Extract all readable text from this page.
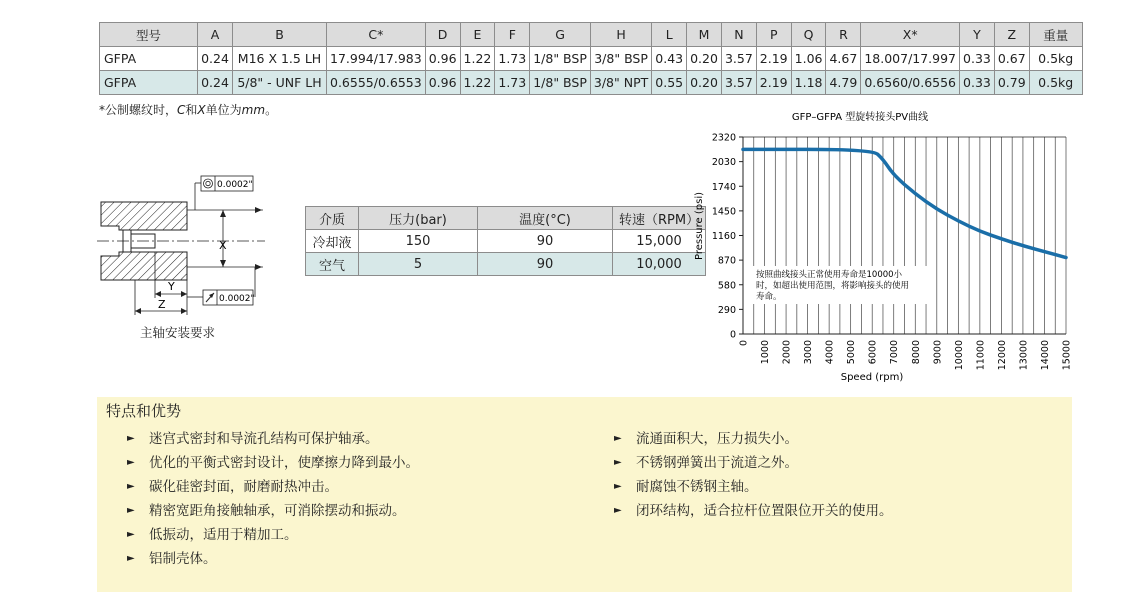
型号	A	B	C*	D	E	F	G	H	L	M	N	P	Q	R	X*	Y	Z	重量
GFPA	0.24	M16 X 1.5 LH	17.994/17.983	0.96	1.22	1.73	1/8" BSP	3/8" BSP	0.43	0.20	3.57	2.19	1.06	4.67	18.007/17.997	0.33	0.67	0.5kg
GFPA	0.24	5/8" - UNF LH	0.6555/0.6553	0.96	1.22	1.73	1/8" BSP	3/8" NPT	0.55	0.20	3.57	2.19	1.18	4.79	0.6560/0.6556	0.33	0.79	0.5kg
*公制螺纹时，C和X单位为mm。
X
0.0002"
0.0002"
Y
Z
主轴安装要求
介质	压力(bar)	温度(°C)	转速（RPM）
冷却液	150	90	15,000
空气	5	90	10,000
GFP–GFPA 型旋转接头PV曲线
0
290
580
870
1160
1450
1740
2030
2320
0 1000 2000 3000 4000 5000 6000 7000 8000 9000 10000 11000 12000 13000 14000 15000
按照曲线接头正常使用寿命是10000小
时，如超出使用范围，将影响接头的使用
寿命。
Speed (rpm)
Pressure (psi)
特点和优势
► 迷宫式密封和导流孔结构可保护轴承。
► 优化的平衡式密封设计，使摩擦力降到最小。
► 碳化硅密封面，耐磨耐热冲击。
► 精密宽距角接触轴承，可消除摆动和振动。
► 低振动，适用于精加工。
► 铝制壳体。
► 流通面积大，压力损失小。
► 不锈钢弹簧出于流道之外。
► 耐腐蚀不锈钢主轴。
► 闭环结构，适合拉杆位置限位开关的使用。
